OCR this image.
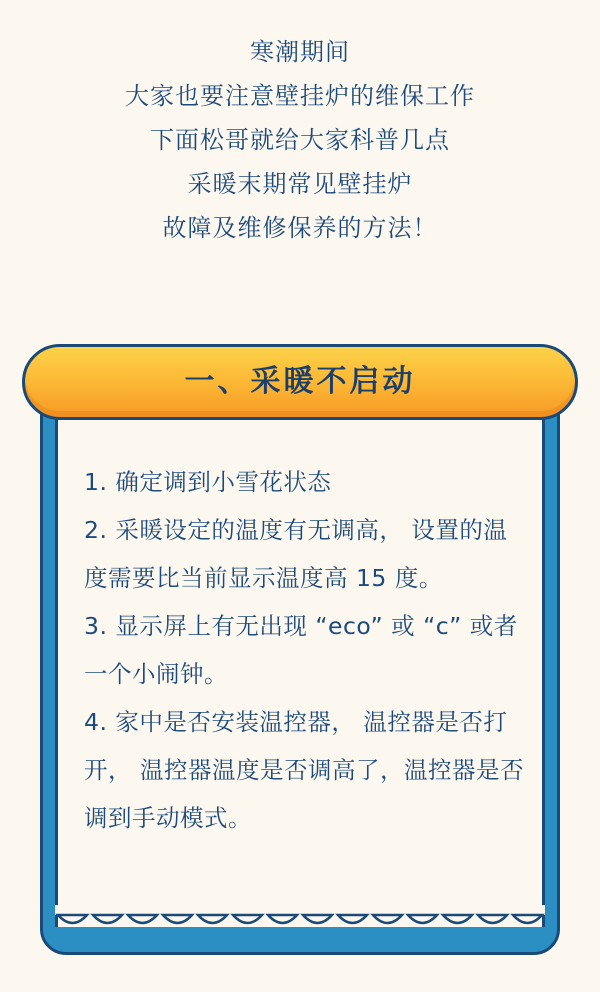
寒潮期间
大家也要注意壁挂炉的维保工作
下面松哥就给大家科普几点
采暖末期常见壁挂炉
故障及维修保养的方法！
一、采暖不启动
1. 确定调到小雪花状态
2. 采暖设定的温度有无调高， 设置的温度需要比当前显示温度高 15 度。
3. 显示屏上有无出现 “eco” 或 “c” 或者一个小闹钟。
4. 家中是否安装温控器， 温控器是否打开， 温控器温度是否调高了，温控器是否调到手动模式。
